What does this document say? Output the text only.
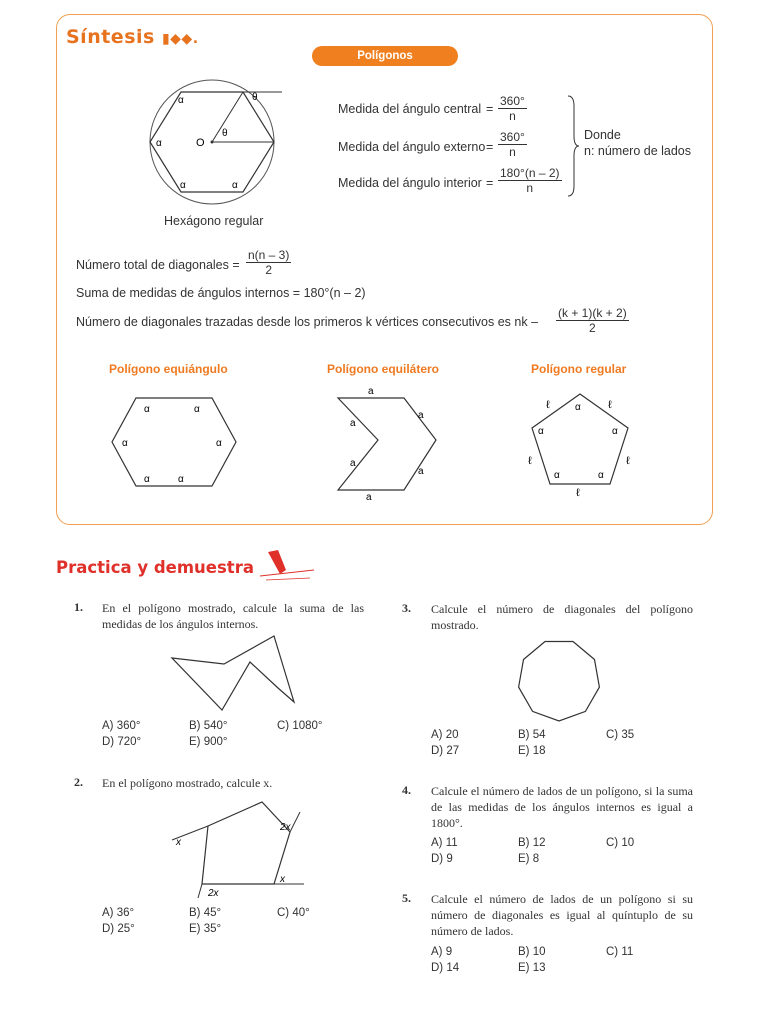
Síntesis ▮◆◆.
Polígonos
O
θ
θ
α
α
α	α
Hexágono regular
Medida del ángulo central = $\frac{360^\circ}{n}$
Medida del ángulo externo = $\frac{360^\circ}{n}$
Medida del ángulo interior = $\frac{180^\circ(n - 2)}{n}$
Donde
n: número de lados
Número total de diagonales = $\frac{n(n - 3)}{2}$
Suma de medidas de ángulos internos = 180°(n – 2)
Número de diagonales trazadas desde los primeros k vértices consecutivos es nk – $\frac{(k + 1)(k + 2)}{2}$
Polígono equiángulo	Polígono equilátero	Polígono regular
α	α
α	α
α	α
a
a
a
a
a
a
ℓ	ℓ
ℓ	ℓ
ℓ
α
α	α
α	α
Practica y demuestra
1. En el polígono mostrado, calcule la suma de las medidas de los ángulos internos.
A) 360°	B) 540°	C) 1080°
D) 720°	E) 900°
2. En el polígono mostrado, calcule x.
x
2x
x
2x
A) 36°	B) 45°	C) 40°
D) 25°	E) 35°
3. Calcule el número de diagonales del polígono mostrado.
A) 20	B) 54	C) 35
D) 27	E) 18
4. Calcule el número de lados de un polígono, si la suma de las medidas de los ángulos internos es igual a 1800°.
A) 11	B) 12	C) 10
D) 9	E) 8
5. Calcule el número de lados de un polígono si su número de diagonales es igual al quíntuplo de su número de lados.
A) 9	B) 10	C) 11
D) 14	E) 13
